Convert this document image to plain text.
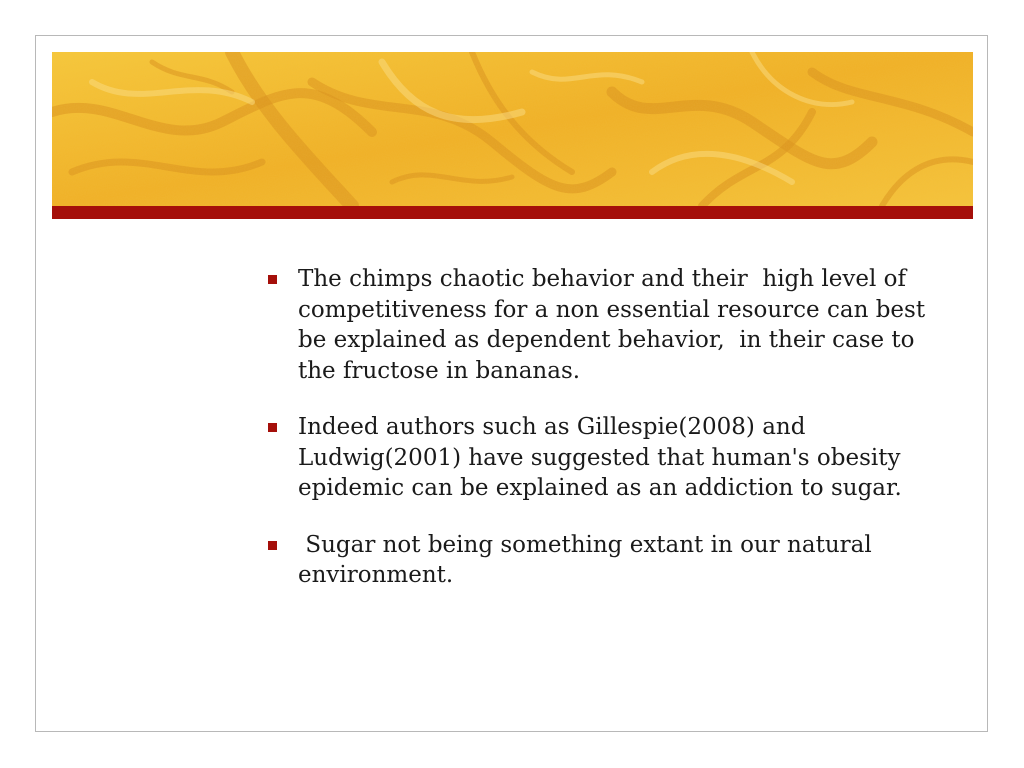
The chimps chaotic behavior and their  high level of competitiveness for a non essential resource can best be explained as dependent behavior,  in their case to the fructose in bananas.
Indeed authors such as Gillespie(2008) and Ludwig(2001) have suggested that human's obesity epidemic can be explained as an addiction to sugar.
Sugar not being something extant in our natural environment.
